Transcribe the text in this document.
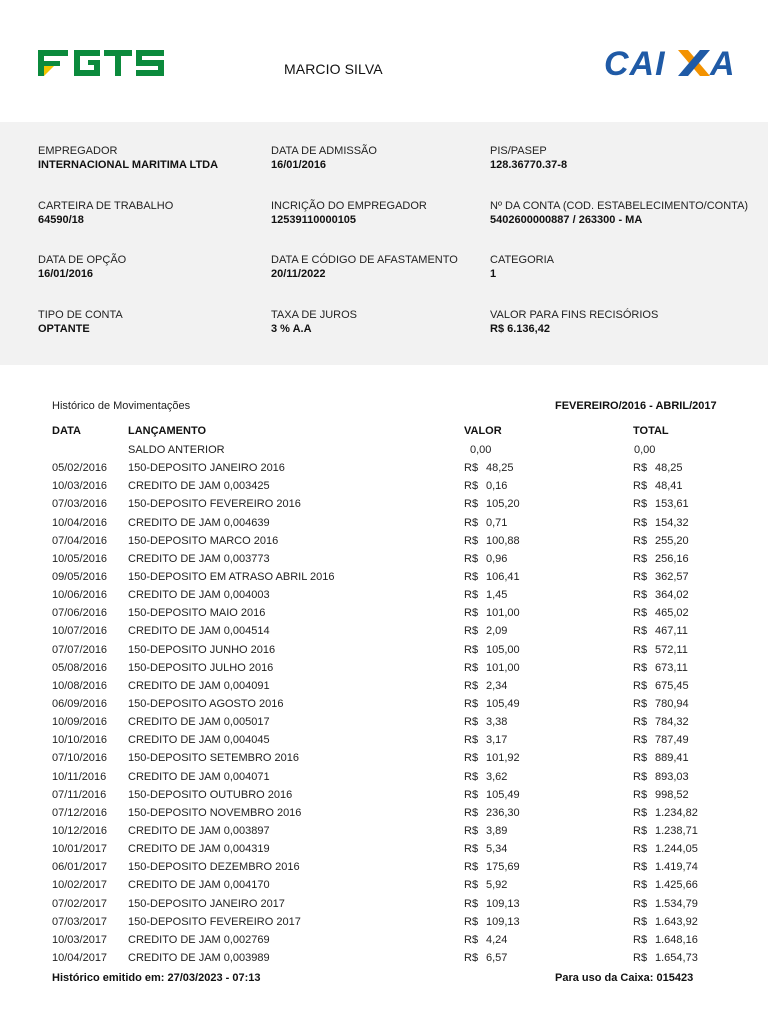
MARCIO SILVA	CAI A
EMPREGADOR
INTERNACIONAL MARITIMA LTDA
DATA DE ADMISSÃO
16/01/2016
PIS/PASEP
128.36770.37-8
CARTEIRA DE TRABALHO
64590/18
INCRIÇÃO DO EMPREGADOR
12539110000105
Nº DA CONTA (COD. ESTABELECIMENTO/CONTA)
5402600000887 / 263300 - MA
DATA DE OPÇÃO
16/01/2016
DATA E CÓDIGO DE AFASTAMENTO
20/11/2022
CATEGORIA
1
TIPO DE CONTA
OPTANTE
TAXA DE JUROS
3 % A.A
VALOR PARA FINS RECISÓRIOS
R$ 6.136,42
Histórico de Movimentações	FEVEREIRO/2016 - ABRIL/2017
DATA	LANÇAMENTO	VALOR	TOTAL
SALDO ANTERIOR	0,00	0,00
05/02/2016 150-DEPOSITO JANEIRO 2016	R$ 48,25	R$ 48,25
10/03/2016 CREDITO DE JAM 0,003425	R$ 0,16	R$ 48,41
07/03/2016 150-DEPOSITO FEVEREIRO 2016	R$ 105,20	R$ 153,61
10/04/2016 CREDITO DE JAM 0,004639	R$ 0,71	R$ 154,32
07/04/2016 150-DEPOSITO MARCO 2016	R$ 100,88	R$ 255,20
10/05/2016 CREDITO DE JAM 0,003773	R$ 0,96	R$ 256,16
09/05/2016 150-DEPOSITO EM ATRASO ABRIL 2016	R$ 106,41	R$ 362,57
10/06/2016 CREDITO DE JAM 0,004003	R$ 1,45	R$ 364,02
07/06/2016 150-DEPOSITO MAIO 2016	R$ 101,00	R$ 465,02
10/07/2016 CREDITO DE JAM 0,004514	R$ 2,09	R$ 467,11
07/07/2016 150-DEPOSITO JUNHO 2016	R$ 105,00	R$ 572,11
05/08/2016 150-DEPOSITO JULHO 2016	R$ 101,00	R$ 673,11
10/08/2016 CREDITO DE JAM 0,004091	R$ 2,34	R$ 675,45
06/09/2016 150-DEPOSITO AGOSTO 2016	R$ 105,49	R$ 780,94
10/09/2016 CREDITO DE JAM 0,005017	R$ 3,38	R$ 784,32
10/10/2016 CREDITO DE JAM 0,004045	R$ 3,17	R$ 787,49
07/10/2016 150-DEPOSITO SETEMBRO 2016	R$ 101,92	R$ 889,41
10/11/2016 CREDITO DE JAM 0,004071	R$ 3,62	R$ 893,03
07/11/2016 150-DEPOSITO OUTUBRO 2016	R$ 105,49	R$ 998,52
07/12/2016 150-DEPOSITO NOVEMBRO 2016	R$ 236,30	R$ 1.234,82
10/12/2016 CREDITO DE JAM 0,003897	R$ 3,89	R$ 1.238,71
10/01/2017 CREDITO DE JAM 0,004319	R$ 5,34	R$ 1.244,05
06/01/2017 150-DEPOSITO DEZEMBRO 2016	R$ 175,69	R$ 1.419,74
10/02/2017 CREDITO DE JAM 0,004170	R$ 5,92	R$ 1.425,66
07/02/2017 150-DEPOSITO JANEIRO 2017	R$ 109,13	R$ 1.534,79
07/03/2017 150-DEPOSITO FEVEREIRO 2017	R$ 109,13	R$ 1.643,92
10/03/2017 CREDITO DE JAM 0,002769	R$ 4,24	R$ 1.648,16
10/04/2017 CREDITO DE JAM 0,003989	R$ 6,57	R$ 1.654,73
Histórico emitido em: 27/03/2023 - 07:13	Para uso da Caixa: 015423
